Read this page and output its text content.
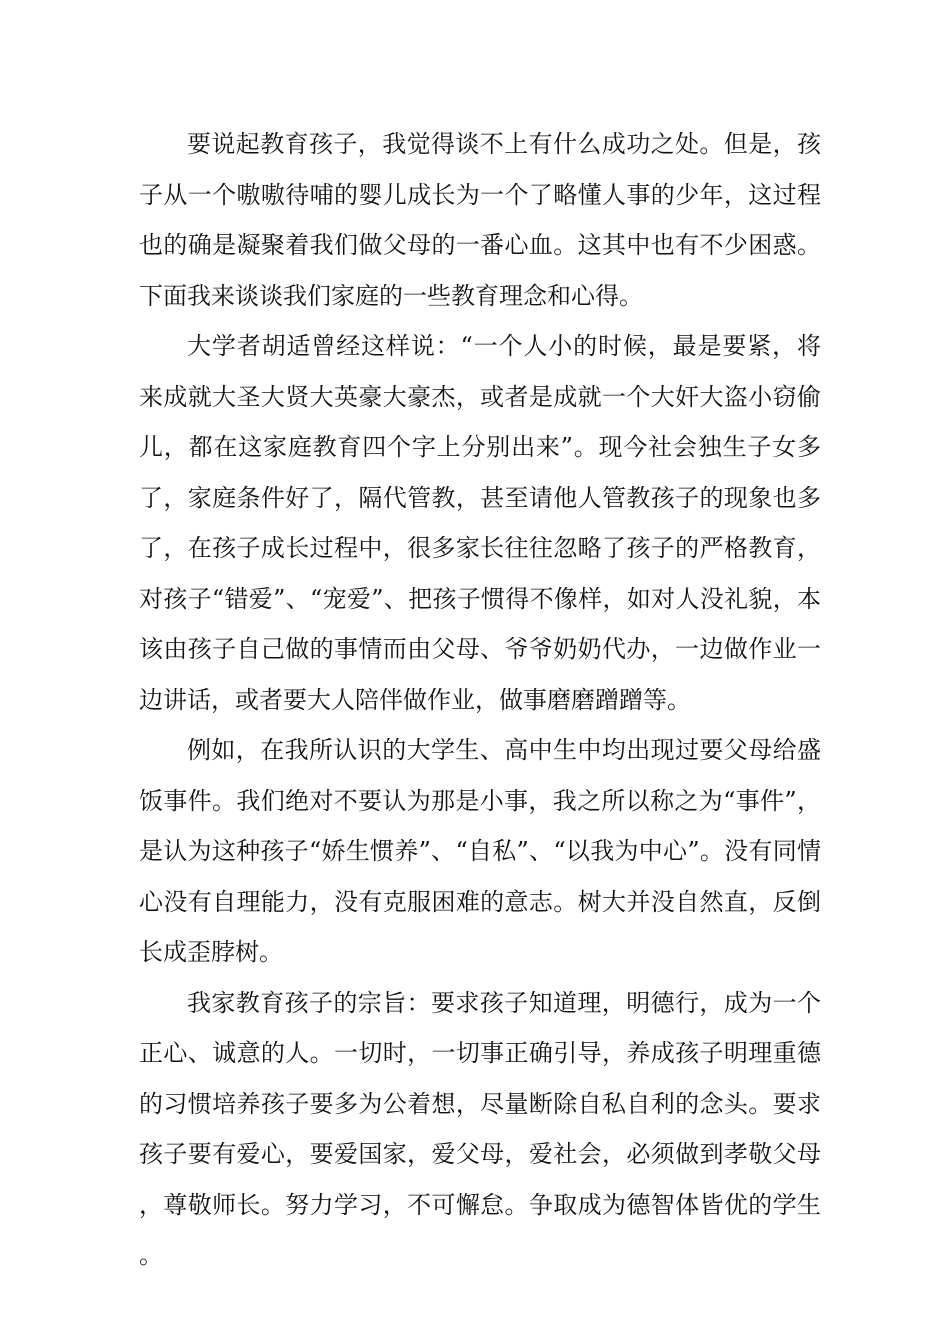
要说起教育孩子，我觉得谈不上有什么成功之处。但是，孩子从一个嗷嗷待哺的婴儿成长为一个了略懂人事的少年，这过程也的确是凝聚着我们做父母的一番心血。这其中也有不少困惑。下面我来谈谈我们家庭的一些教育理念和心得。

大学者胡适曾经这样说：“一个人小的时候，最是要紧，将来成就大圣大贤大英豪大豪杰，或者是成就一个大奸大盗小窃偷儿，都在这家庭教育四个字上分别出来”。现今社会独生子女多了，家庭条件好了，隔代管教，甚至请他人管教孩子的现象也多了，在孩子成长过程中，很多家长往往忽略了孩子的严格教育，对孩子“错爱”、“宠爱”、把孩子惯得不像样，如对人没礼貌，本该由孩子自己做的事情而由父母、爷爷奶奶代办，一边做作业一边讲话，或者要大人陪伴做作业，做事磨磨蹭蹭等。

例如，在我所认识的大学生、高中生中均出现过要父母给盛饭事件。我们绝对不要认为那是小事，我之所以称之为“事件”，是认为这种孩子“娇生惯养”、“自私”、“以我为中心”。没有同情心没有自理能力，没有克服困难的意志。树大并没自然直，反倒长成歪脖树。

我家教育孩子的宗旨：要求孩子知道理，明德行，成为一个正心、诚意的人。一切时，一切事正确引导，养成孩子明理重德的习惯培养孩子要多为公着想，尽量断除自私自利的念头。要求孩子要有爱心，要爱国家，爱父母，爱社会，必须做到孝敬父母，尊敬师长。努力学习，不可懈怠。争取成为德智体皆优的学生。
